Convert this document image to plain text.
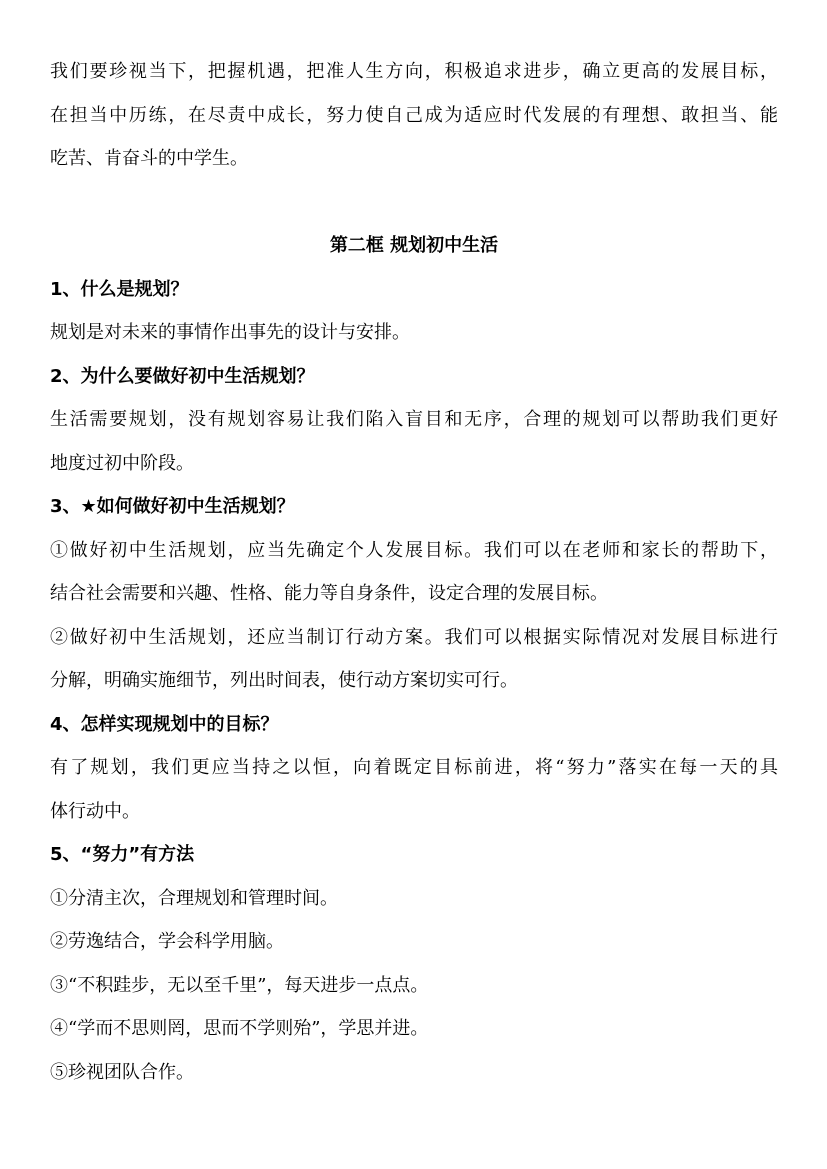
我们要珍视当下，把握机遇，把准人生方向，积极追求进步，确立更高的发展目标，
在担当中历练，在尽责中成长，努力使自己成为适应时代发展的有理想、敢担当、能
吃苦、肯奋斗的中学生。
第二框 规划初中生活
1、什么是规划？
规划是对未来的事情作出事先的设计与安排。
2、为什么要做好初中生活规划？
生活需要规划，没有规划容易让我们陷入盲目和无序，合理的规划可以帮助我们更好
地度过初中阶段。
3、★如何做好初中生活规划？
①做好初中生活规划，应当先确定个人发展目标。我们可以在老师和家长的帮助下，
结合社会需要和兴趣、性格、能力等自身条件，设定合理的发展目标。
②做好初中生活规划，还应当制订行动方案。我们可以根据实际情况对发展目标进行
分解，明确实施细节，列出时间表，使行动方案切实可行。
4、怎样实现规划中的目标？
有了规划，我们更应当持之以恒，向着既定目标前进，将“努力”落实在每一天的具
体行动中。
5、“努力”有方法
①分清主次，合理规划和管理时间。
②劳逸结合，学会科学用脑。
③“不积跬步，无以至千里”，每天进步一点点。
④“学而不思则罔，思而不学则殆”，学思并进。
⑤珍视团队合作。
